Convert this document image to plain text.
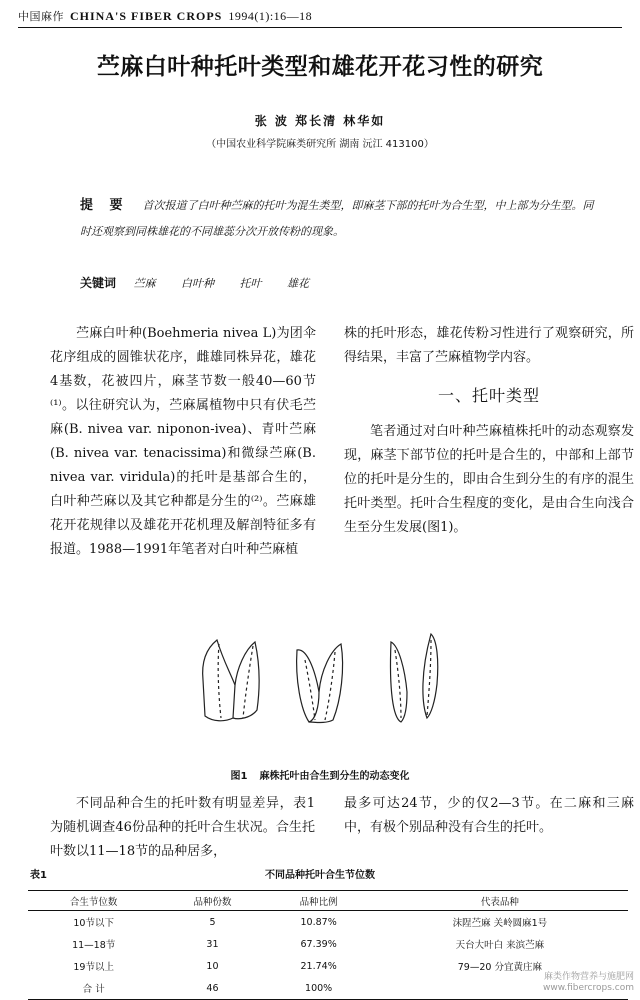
中国麻作 CHINA'S FIBER CROPS 1994(1):16—18
苎麻白叶种托叶类型和雄花开花习性的研究
张 波 郑长清 林华如
（中国农业科学院麻类研究所 湖南 沅江 413100）
提 要 首次报道了白叶种苎麻的托叶为混生类型，即麻茎下部的托叶为合生型，中上部为分生型。同时还观察到同株雄花的不同雄蕊分次开放传粉的现象。
关键词 苎麻 白叶种 托叶 雄花
苎麻白叶种(Boehmeria nivea L)为团伞花序组成的圆锥状花序，雌雄同株异花，雄花4基数，花被四片，麻茎节数一般40—60节⁽¹⁾。以往研究认为，苎麻属植物中只有伏毛苎麻(B. nivea var. niponon-ivea)、青叶苎麻(B. nivea var. tenacissima)和微绿苎麻(B. nivea var. viridula)的托叶是基部合生的，白叶种苎麻以及其它种都是分生的⁽²⁾。苎麻雄花开花规律以及雄花开花机理及解剖特征多有报道。1988—1991年笔者对白叶种苎麻植

株的托叶形态，雄花传粉习性进行了观察研究，所得结果，丰富了苎麻植物学内容。

一、托叶类型

笔者通过对白叶种苎麻植株托叶的动态观察发现，麻茎下部节位的托叶是合生的，中部和上部节位的托叶是分生的，即由合生到分生的有序的混生托叶类型。托叶合生程度的变化，是由合生向浅合生至分生发展(图1)。

图1 麻株托叶由合生到分生的动态变化
不同品种合生的托叶数有明显差异，表1为随机调查46份品种的托叶合生状况。合生托叶数以11—18节的品种居多，
最多可达24节，少的仅2—3节。在二麻和三麻中，有极个别品种没有合生的托叶。
表1	不同品种托叶合生节位数
合生节位数	品种份数	品种比例	代表品种
10节以下	5	10.87%	沫陧苎麻 关岭圆麻1号
11—18节	31	67.39%	天台大叶白 来滨苎麻
19节以上	10	21.74%	79—20 分宜黄庄麻
合 计	46	100%	
麻类作物营养与施肥网
www.fibercrops.com
